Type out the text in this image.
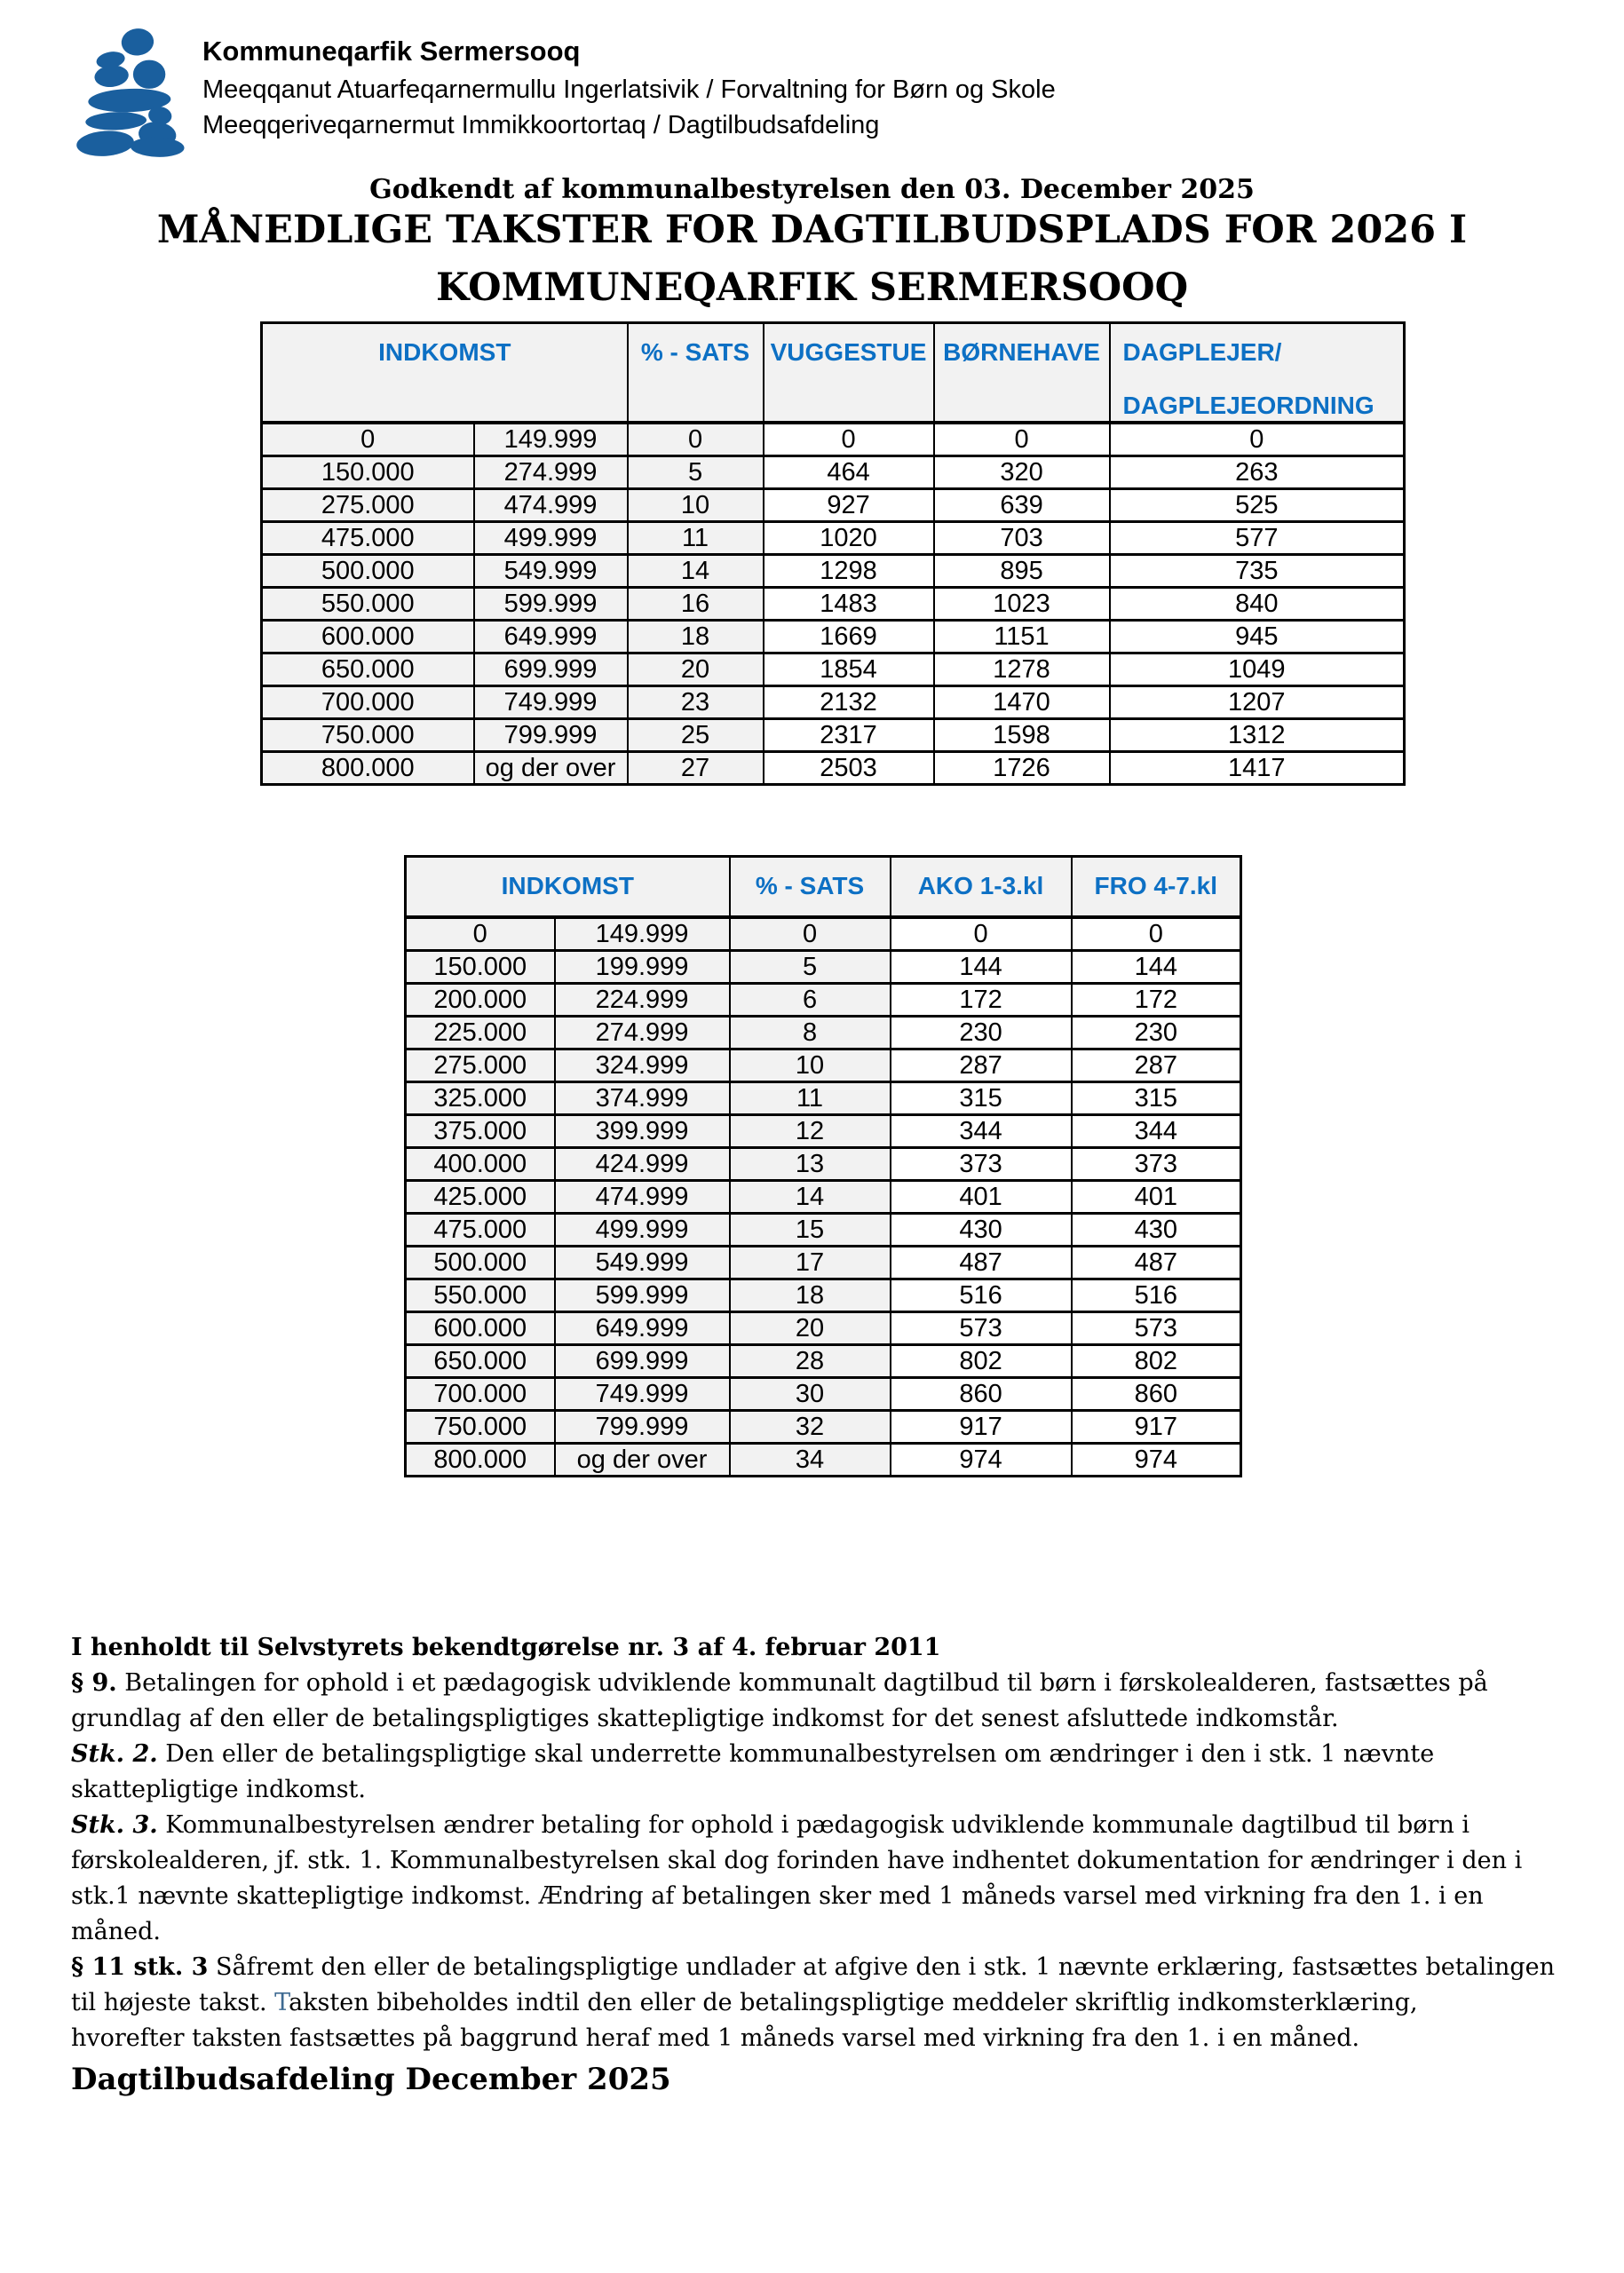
Kommuneqarfik Sermersooq
Meeqqanut Atuarfeqarnermullu Ingerlatsivik / Forvaltning for Børn og Skole
Meeqqeriveqarnermut Immikkoortortaq / Dagtilbudsafdeling
Godkendt af kommunalbestyrelsen den 03. December 2025
MÅNEDLIGE TAKSTER FOR DAGTILBUDSPLADS FOR 2026 I
KOMMUNEQARFIK SERMERSOOQ
INDKOMST		% - SATS	VUGGESTUE	BØRNEHAVE	DAGPLEJER/
DAGPLEJEORDNING

0	149.999	0	0	0	0
150.000	274.999	5	464	320	263
275.000	474.999	10	927	639	525
475.000	499.999	11	1020	703	577
500.000	549.999	14	1298	895	735
550.000	599.999	16	1483	1023	840
600.000	649.999	18	1669	1151	945
650.000	699.999	20	1854	1278	1049
700.000	749.999	23	2132	1470	1207
750.000	799.999	25	2317	1598	1312
800.000	og der over	27	2503	1726	1417
INDKOMST		% - SATS	AKO 1-3.kl	FRO 4-7.kl
0	149.999	0	0	0
150.000	199.999	5	144	144
200.000	224.999	6	172	172
225.000	274.999	8	230	230
275.000	324.999	10	287	287
325.000	374.999	11	315	315
375.000	399.999	12	344	344
400.000	424.999	13	373	373
425.000	474.999	14	401	401
475.000	499.999	15	430	430
500.000	549.999	17	487	487
550.000	599.999	18	516	516
600.000	649.999	20	573	573
650.000	699.999	28	802	802
700.000	749.999	30	860	860
750.000	799.999	32	917	917
800.000	og der over	34	974	974
I henholdt til Selvstyrets bekendtgørelse nr. 3 af 4. februar 2011
§ 9. Betalingen for ophold i et pædagogisk udviklende kommunalt dagtilbud til børn i førskolealderen, fastsættes på
grundlag af den eller de betalingspligtiges skattepligtige indkomst for det senest afsluttede indkomstår.
Stk. 2. Den eller de betalingspligtige skal underrette kommunalbestyrelsen om ændringer i den i stk. 1 nævnte
skattepligtige indkomst.
Stk. 3. Kommunalbestyrelsen ændrer betaling for ophold i pædagogisk udviklende kommunale dagtilbud til børn i
førskolealderen, jf. stk. 1. Kommunalbestyrelsen skal dog forinden have indhentet dokumentation for ændringer i den i
stk.1 nævnte skattepligtige indkomst. Ændring af betalingen sker med 1 måneds varsel med virkning fra den 1. i en
måned.
§ 11 stk. 3 Såfremt den eller de betalingspligtige undlader at afgive den i stk. 1 nævnte erklæring, fastsættes betalingen
til højeste takst. Taksten bibeholdes indtil den eller de betalingspligtige meddeler skriftlig indkomsterklæring,
hvorefter taksten fastsættes på baggrund heraf med 1 måneds varsel med virkning fra den 1. i en måned.
Dagtilbudsafdeling December 2025
